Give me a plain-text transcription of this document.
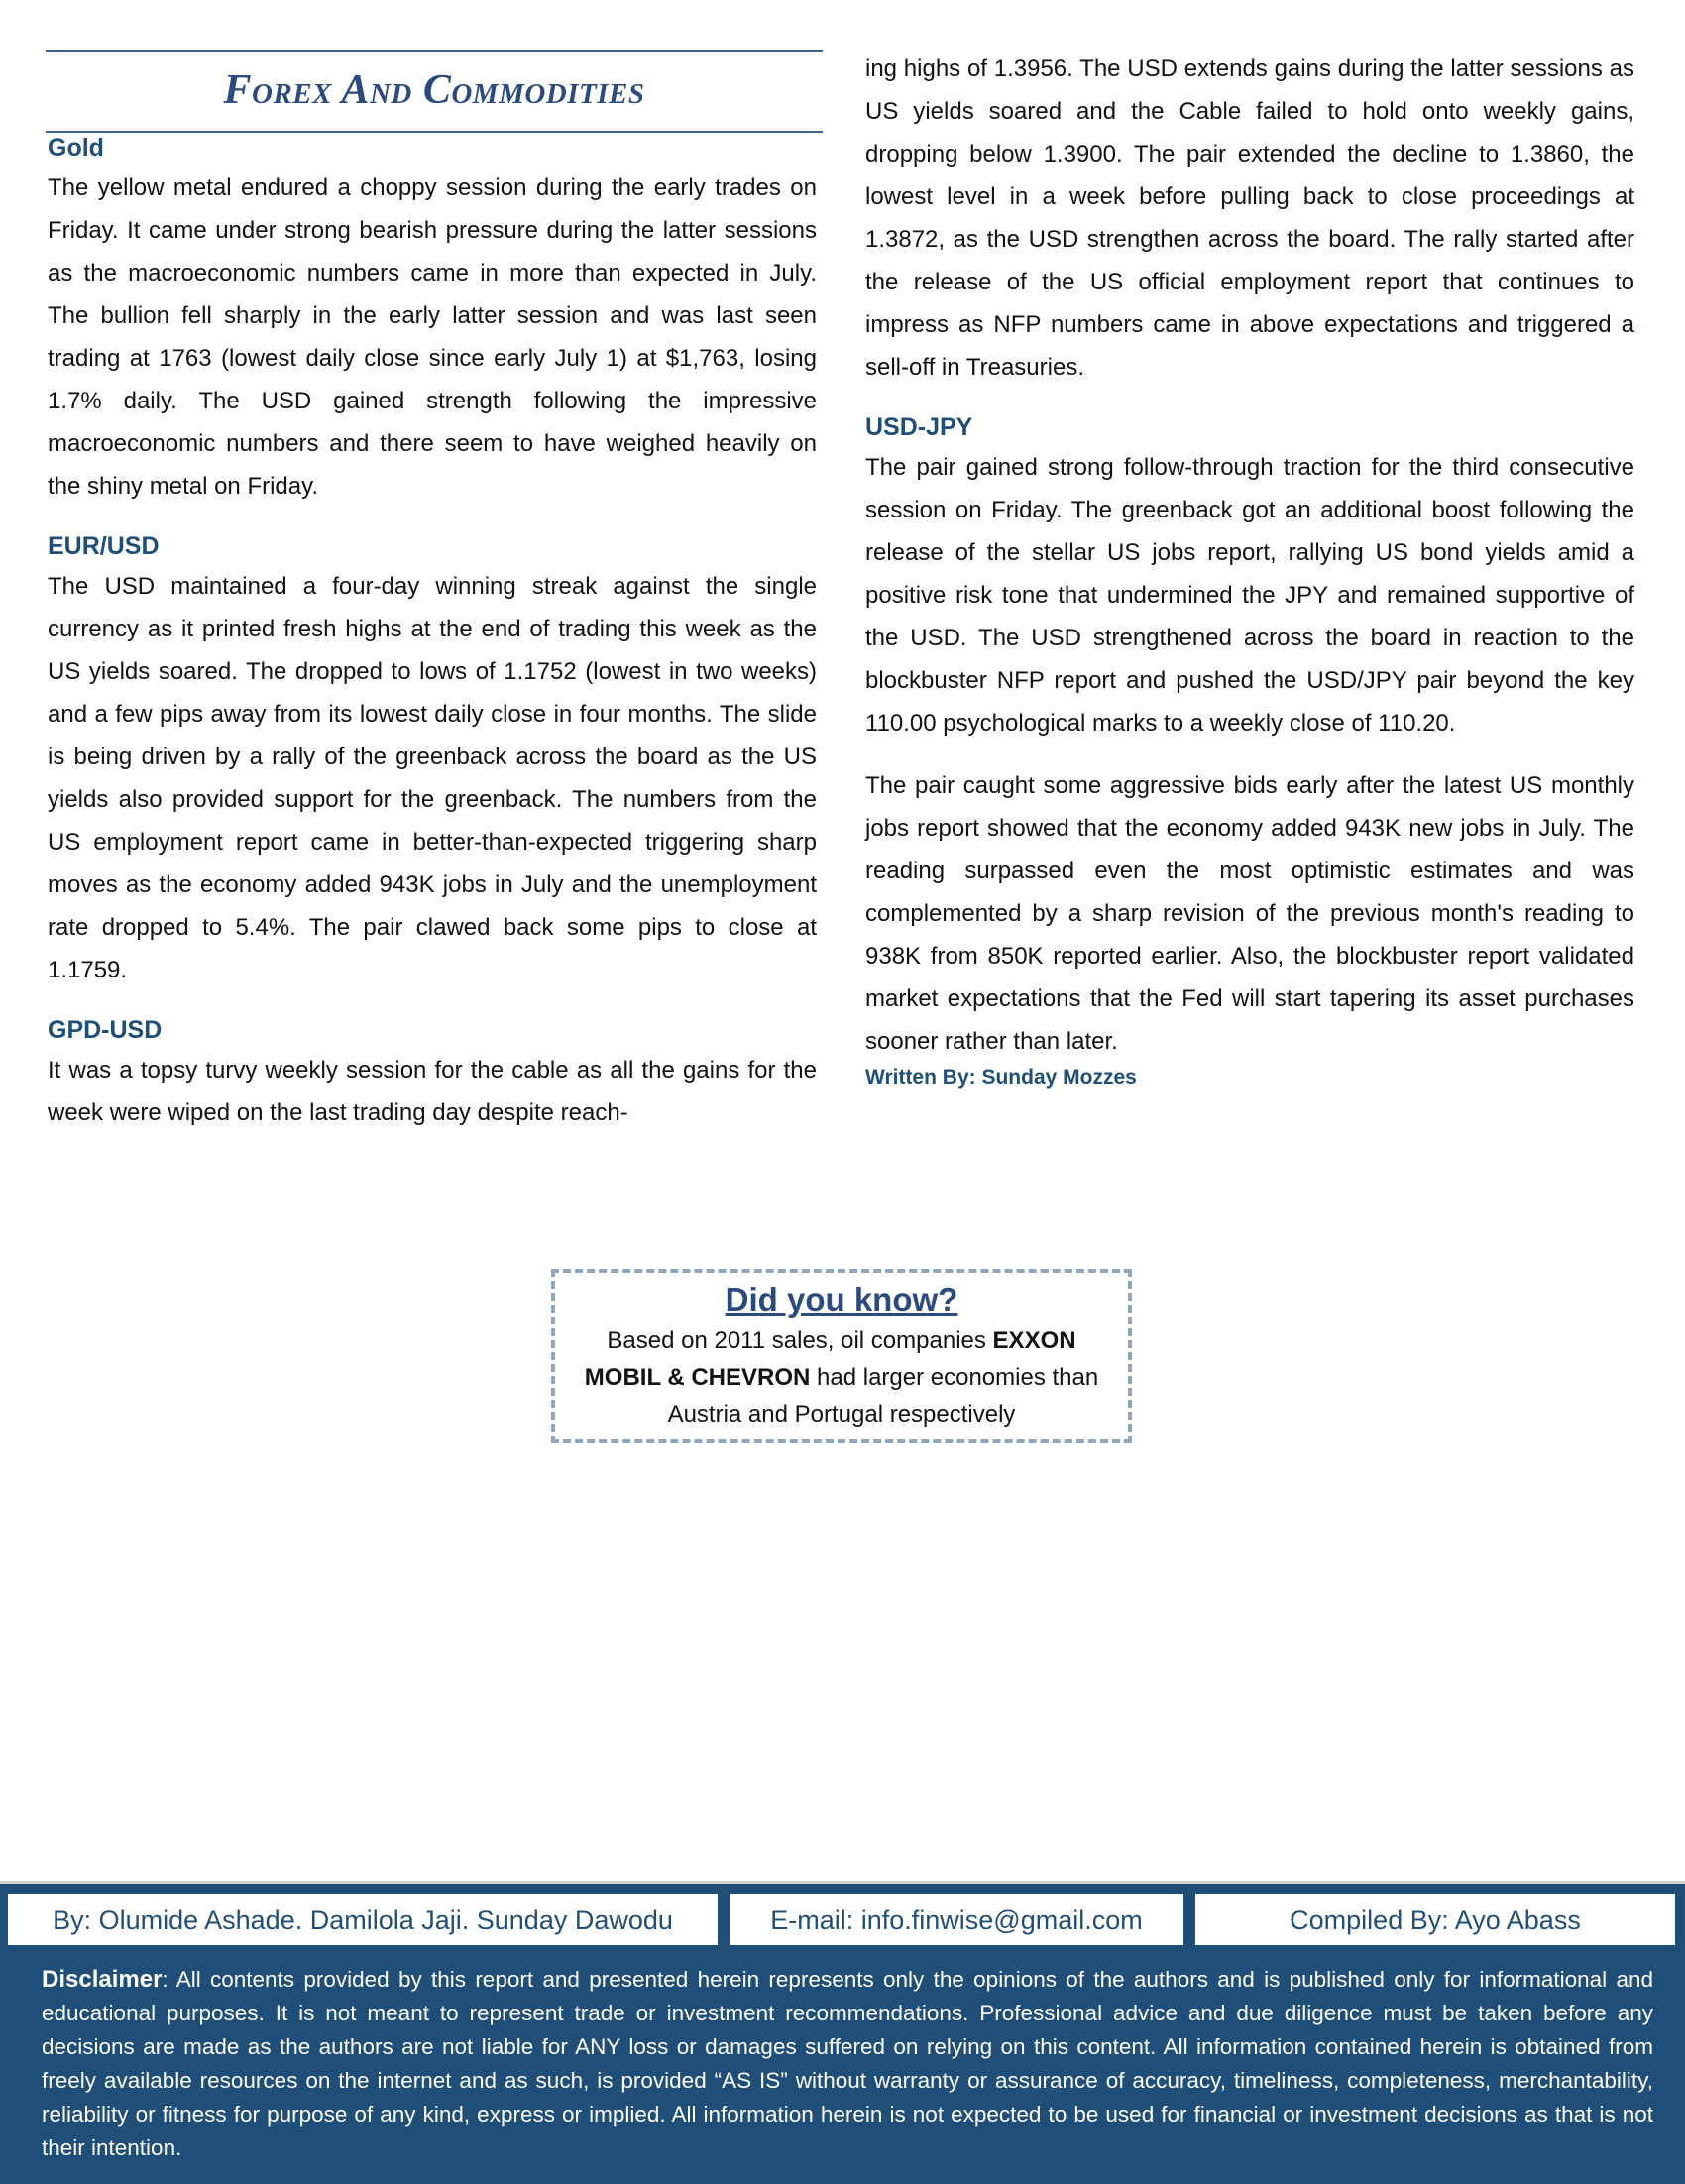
Forex And Commodities
Gold

The yellow metal endured a choppy session during the early trades on Friday. It came under strong bearish pressure during the latter sessions as the macroeconomic numbers came in more than expected in July. The bullion fell sharply in the early latter session and was last seen trading at 1763 (lowest daily close since early July 1) at $1,763, losing 1.7% daily. The USD gained strength following the impressive macroeconomic numbers and there seem to have weighed heavily on the shiny metal on Friday.

EUR/USD

The USD maintained a four-day winning streak against the single currency as it printed fresh highs at the end of trading this week as the US yields soared. The dropped to lows of 1.1752 (lowest in two weeks) and a few pips away from its lowest daily close in four months. The slide is being driven by a rally of the greenback across the board as the US yields also provided support for the greenback. The numbers from the US employment report came in better-than-expected triggering sharp moves as the economy added 943K jobs in July and the unemployment rate dropped to 5.4%. The pair clawed back some pips to close at 1.1759.

GPD-USD

It was a topsy turvy weekly session for the cable as all the gains for the week were wiped on the last trading day despite reach-

ing highs of 1.3956. The USD extends gains during the latter sessions as US yields soared and the Cable failed to hold onto weekly gains, dropping below 1.3900. The pair extended the decline to 1.3860, the lowest level in a week before pulling back to close proceedings at 1.3872, as the USD strengthen across the board. The rally started after the release of the US official employment report that continues to impress as NFP numbers came in above expectations and triggered a sell-off in Treasuries.

USD-JPY

The pair gained strong follow-through traction for the third consecutive session on Friday. The greenback got an additional boost following the release of the stellar US jobs report, rallying US bond yields amid a positive risk tone that undermined the JPY and remained supportive of the USD. The USD strengthened across the board in reaction to the blockbuster NFP report and pushed the USD/JPY pair beyond the key 110.00 psychological marks to a weekly close of 110.20.

The pair caught some aggressive bids early after the latest US monthly jobs report showed that the economy added 943K new jobs in July. The reading surpassed even the most optimistic estimates and was complemented by a sharp revision of the previous month's reading to 938K from 850K reported earlier. Also, the blockbuster report validated market expectations that the Fed will start tapering its asset purchases sooner rather than later.

Written By: Sunday Mozzes
Did you know?
Based on 2011 sales, oil companies EXXON MOBIL & CHEVRON had larger economies than Austria and Portugal respectively
By: Olumide Ashade. Damilola Jaji. Sunday Dawodu	E-mail: info.finwise@gmail.com	Compiled By: Ayo Abass
Disclaimer: All contents provided by this report and presented herein represents only the opinions of the authors and is published only for informational and educational purposes. It is not meant to represent trade or investment recommendations. Professional advice and due diligence must be taken before any decisions are made as the authors are not liable for ANY loss or damages suffered on relying on this content. All information contained herein is obtained from freely available resources on the internet and as such, is provided “AS IS” without warranty or assurance of accuracy, timeliness, completeness, merchantability, reliability or fitness for purpose of any kind, express or implied. All information herein is not expected to be used for financial or investment decisions as that is not their intention.
